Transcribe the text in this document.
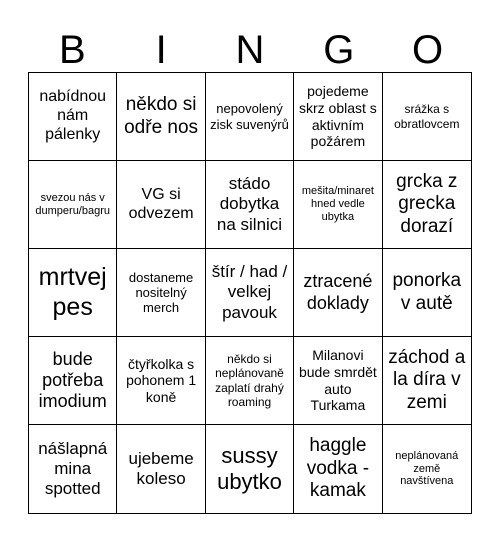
B	I	N	G	O
nabídnou nám pálenky
někdo si odře nos
nepovolený zisk suvenýrů
pojedeme skrz oblast s aktivním požárem
srážka s obratlovcem
svezou nás v dumperu/bagru
VG si odvezem
stádo dobytka na silnici
mešita/minaret hned vedle ubytka
grcka z grecka dorazí
mrtvej pes
dostaneme nositelný merch
štír / had / velkej pavouk
ztracené doklady
ponorka v autě
bude potřeba imodium
čtyřkolka s pohonem 1 koně
někdo si neplánovaně zaplatí drahý roaming
Milanovi bude smrdět auto Turkama
záchod a la díra v zemi
nášlapná mina spotted
ujebeme koleso
sussy ubytko
haggle vodka - kamak
neplánovaná země navštívena
